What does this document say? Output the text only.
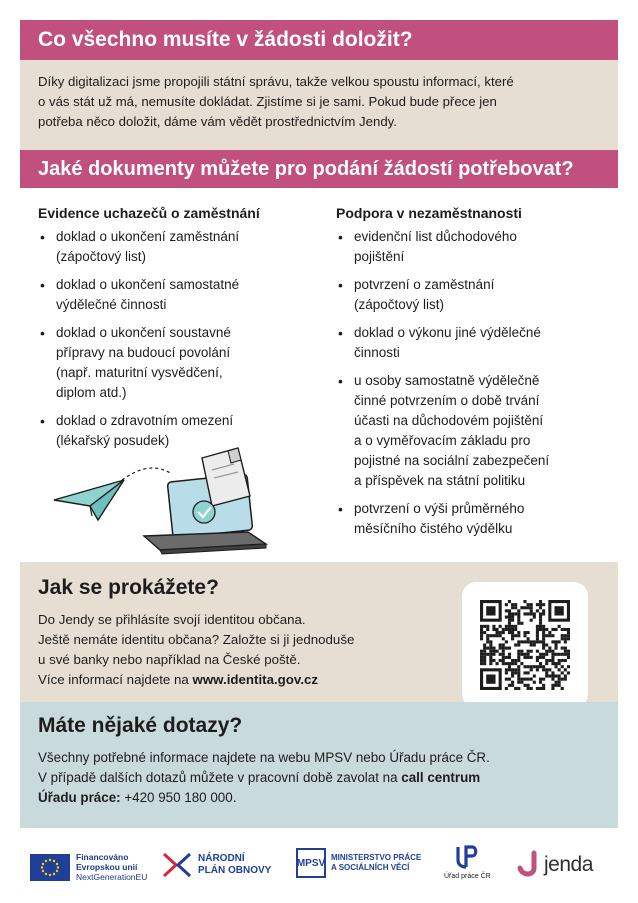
Co všechno musíte v žádosti doložit?
Díky digitalizaci jsme propojili státní správu, takže velkou spoustu informací, které
o vás stát už má, nemusíte dokládat. Zjistíme si je sami. Pokud bude přece jen
potřeba něco doložit, dáme vám vědět prostřednictvím Jendy.
Jaké dokumenty můžete pro podání žádostí potřebovat?
Evidence uchazečů o zaměstnání
• doklad o ukončení zaměstnání
(zápočtový list)
• doklad o ukončení samostatné
výdělečné činnosti
• doklad o ukončení soustavné
přípravy na budoucí povolání
(např. maturitní vysvědčení,
diplom atd.)
• doklad o zdravotním omezení
(lékařský posudek)
Podpora v nezaměstnanosti
• evidenční list důchodového
pojištění
• potvrzení o zaměstnání
(zápočtový list)
• doklad o výkonu jiné výdělečné
činnosti
• u osoby samostatně výdělečně
činné potvrzením o době trvání
účasti na důchodovém pojištění
a o vyměřovacím základu pro
pojistné na sociální zabezpečení
a příspěvek na státní politiku
• potvrzení o výši průměrného
měsíčního čistého výdělku
Jak se prokážete?
Do Jendy se přihlásíte svojí identitou občana.
Ještě nemáte identitu občana? Založte si ji jednoduše
u své banky nebo například na České poště.
Více informací najdete na www.identita.gov.cz
Máte nějaké dotazy?
Všechny potřebné informace najdete na webu MPSV nebo Úřadu práce ČR.
V případě dalších dotazů můžete v pracovní době zavolat na call centrum
Úřadu práce: +420 950 180 000.
Financováno
Evropskou unií
NextGenerationEU
NÁRODNÍ
PLÁN OBNOVY
MPSV MINISTERSTVO PRÁCE
A SOCIÁLNÍCH VĚCÍ
Úřad práce ČR
jenda
